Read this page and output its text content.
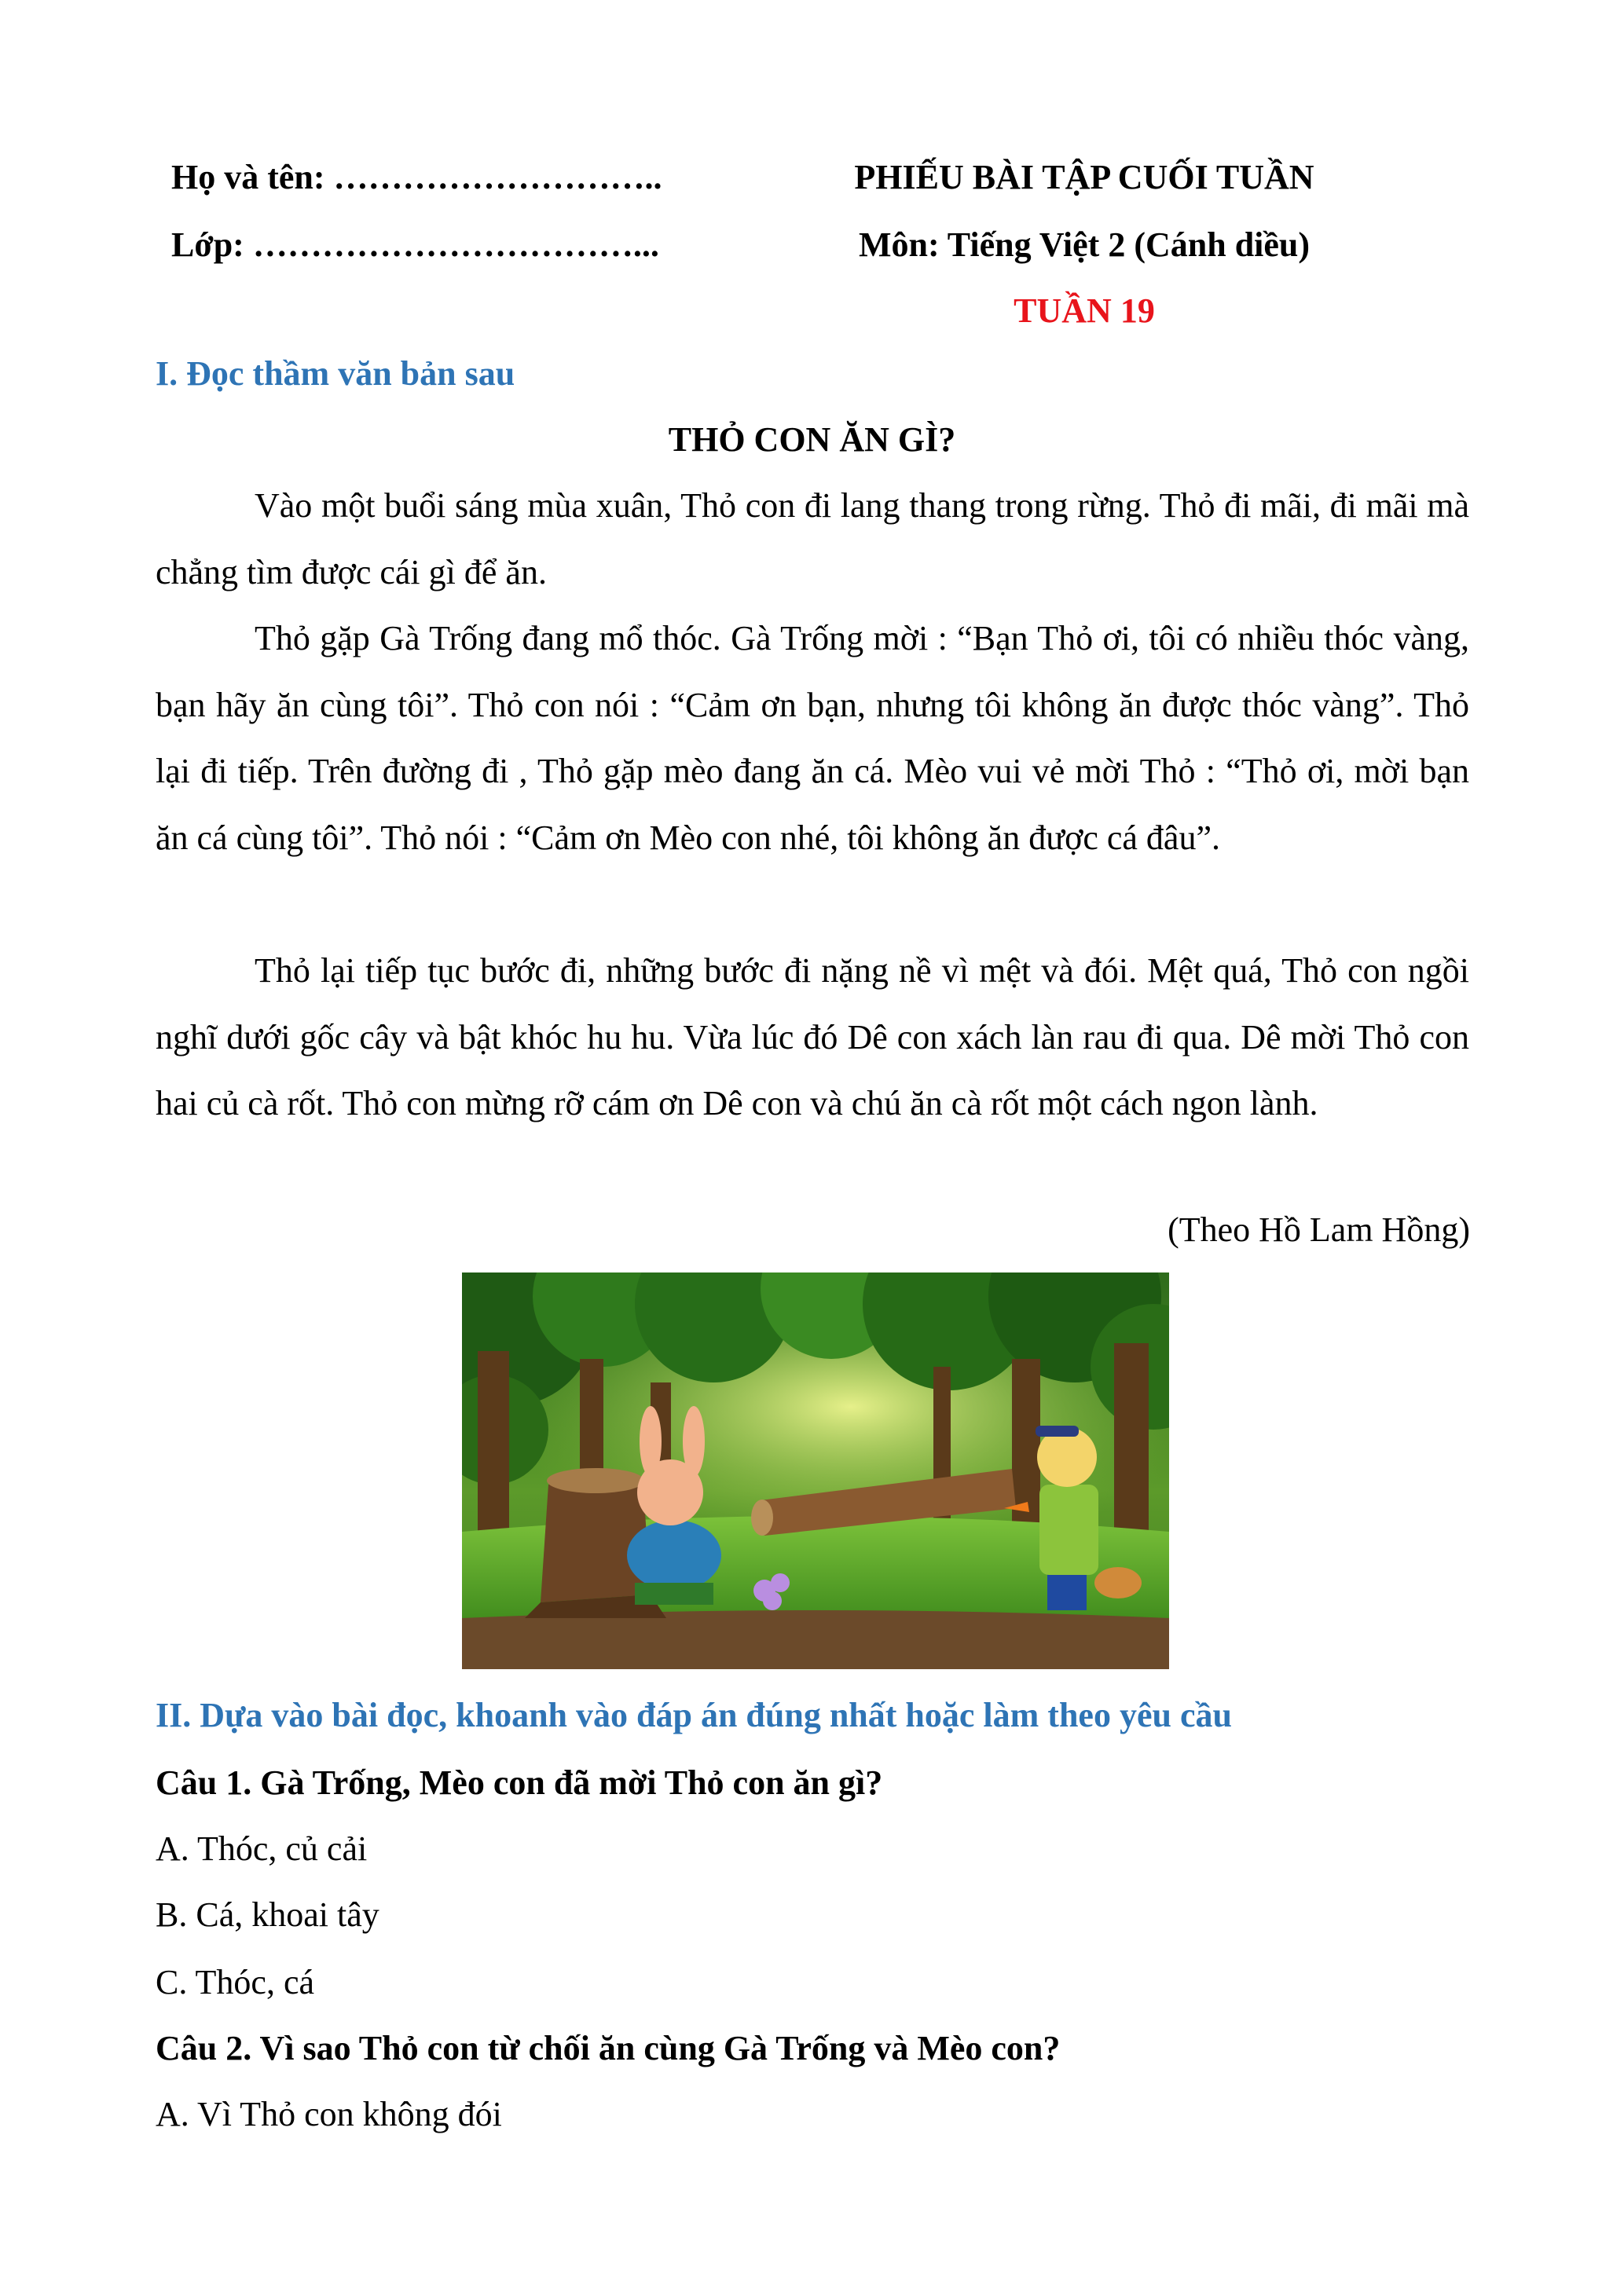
Họ và tên: ………………………..
Lớp: ……………………………...
PHIẾU BÀI TẬP CUỐI TUẦN
Môn: Tiếng Việt 2 (Cánh diều)
TUẦN 19
I. Đọc thầm văn bản sau
THỎ CON ĂN GÌ?

Vào một buổi sáng mùa xuân, Thỏ con đi lang thang trong rừng. Thỏ đi mãi, đi mãi mà chẳng tìm được cái gì để ăn.

Thỏ gặp Gà Trống đang mổ thóc. Gà Trống mời : “Bạn Thỏ ơi, tôi có nhiều thóc vàng, bạn hãy ăn cùng tôi”. Thỏ con nói : “Cảm ơn bạn, nhưng tôi không ăn được thóc vàng”. Thỏ lại đi tiếp. Trên đường đi , Thỏ gặp mèo đang ăn cá. Mèo vui vẻ mời Thỏ : “Thỏ ơi, mời bạn ăn cá cùng tôi”. Thỏ nói : “Cảm ơn Mèo con nhé, tôi không ăn được cá đâu”.

Thỏ lại tiếp tục bước đi, những bước đi nặng nề vì mệt và đói. Mệt quá, Thỏ con ngồi nghĩ dưới gốc cây và bật khóc hu hu. Vừa lúc đó Dê con xách làn rau đi qua. Dê mời Thỏ con hai củ cà rốt. Thỏ con mừng rỡ cám ơn Dê con và chú ăn cà rốt một cách ngon lành.

(Theo Hồ Lam Hồng)
II. Dựa vào bài đọc, khoanh vào đáp án đúng nhất hoặc làm theo yêu cầu
Câu 1. Gà Trống, Mèo con đã mời Thỏ con ăn gì?
A. Thóc, củ cải
B. Cá, khoai tây
C. Thóc, cá
Câu 2. Vì sao Thỏ con từ chối ăn cùng Gà Trống và Mèo con?
A. Vì Thỏ con không đói
